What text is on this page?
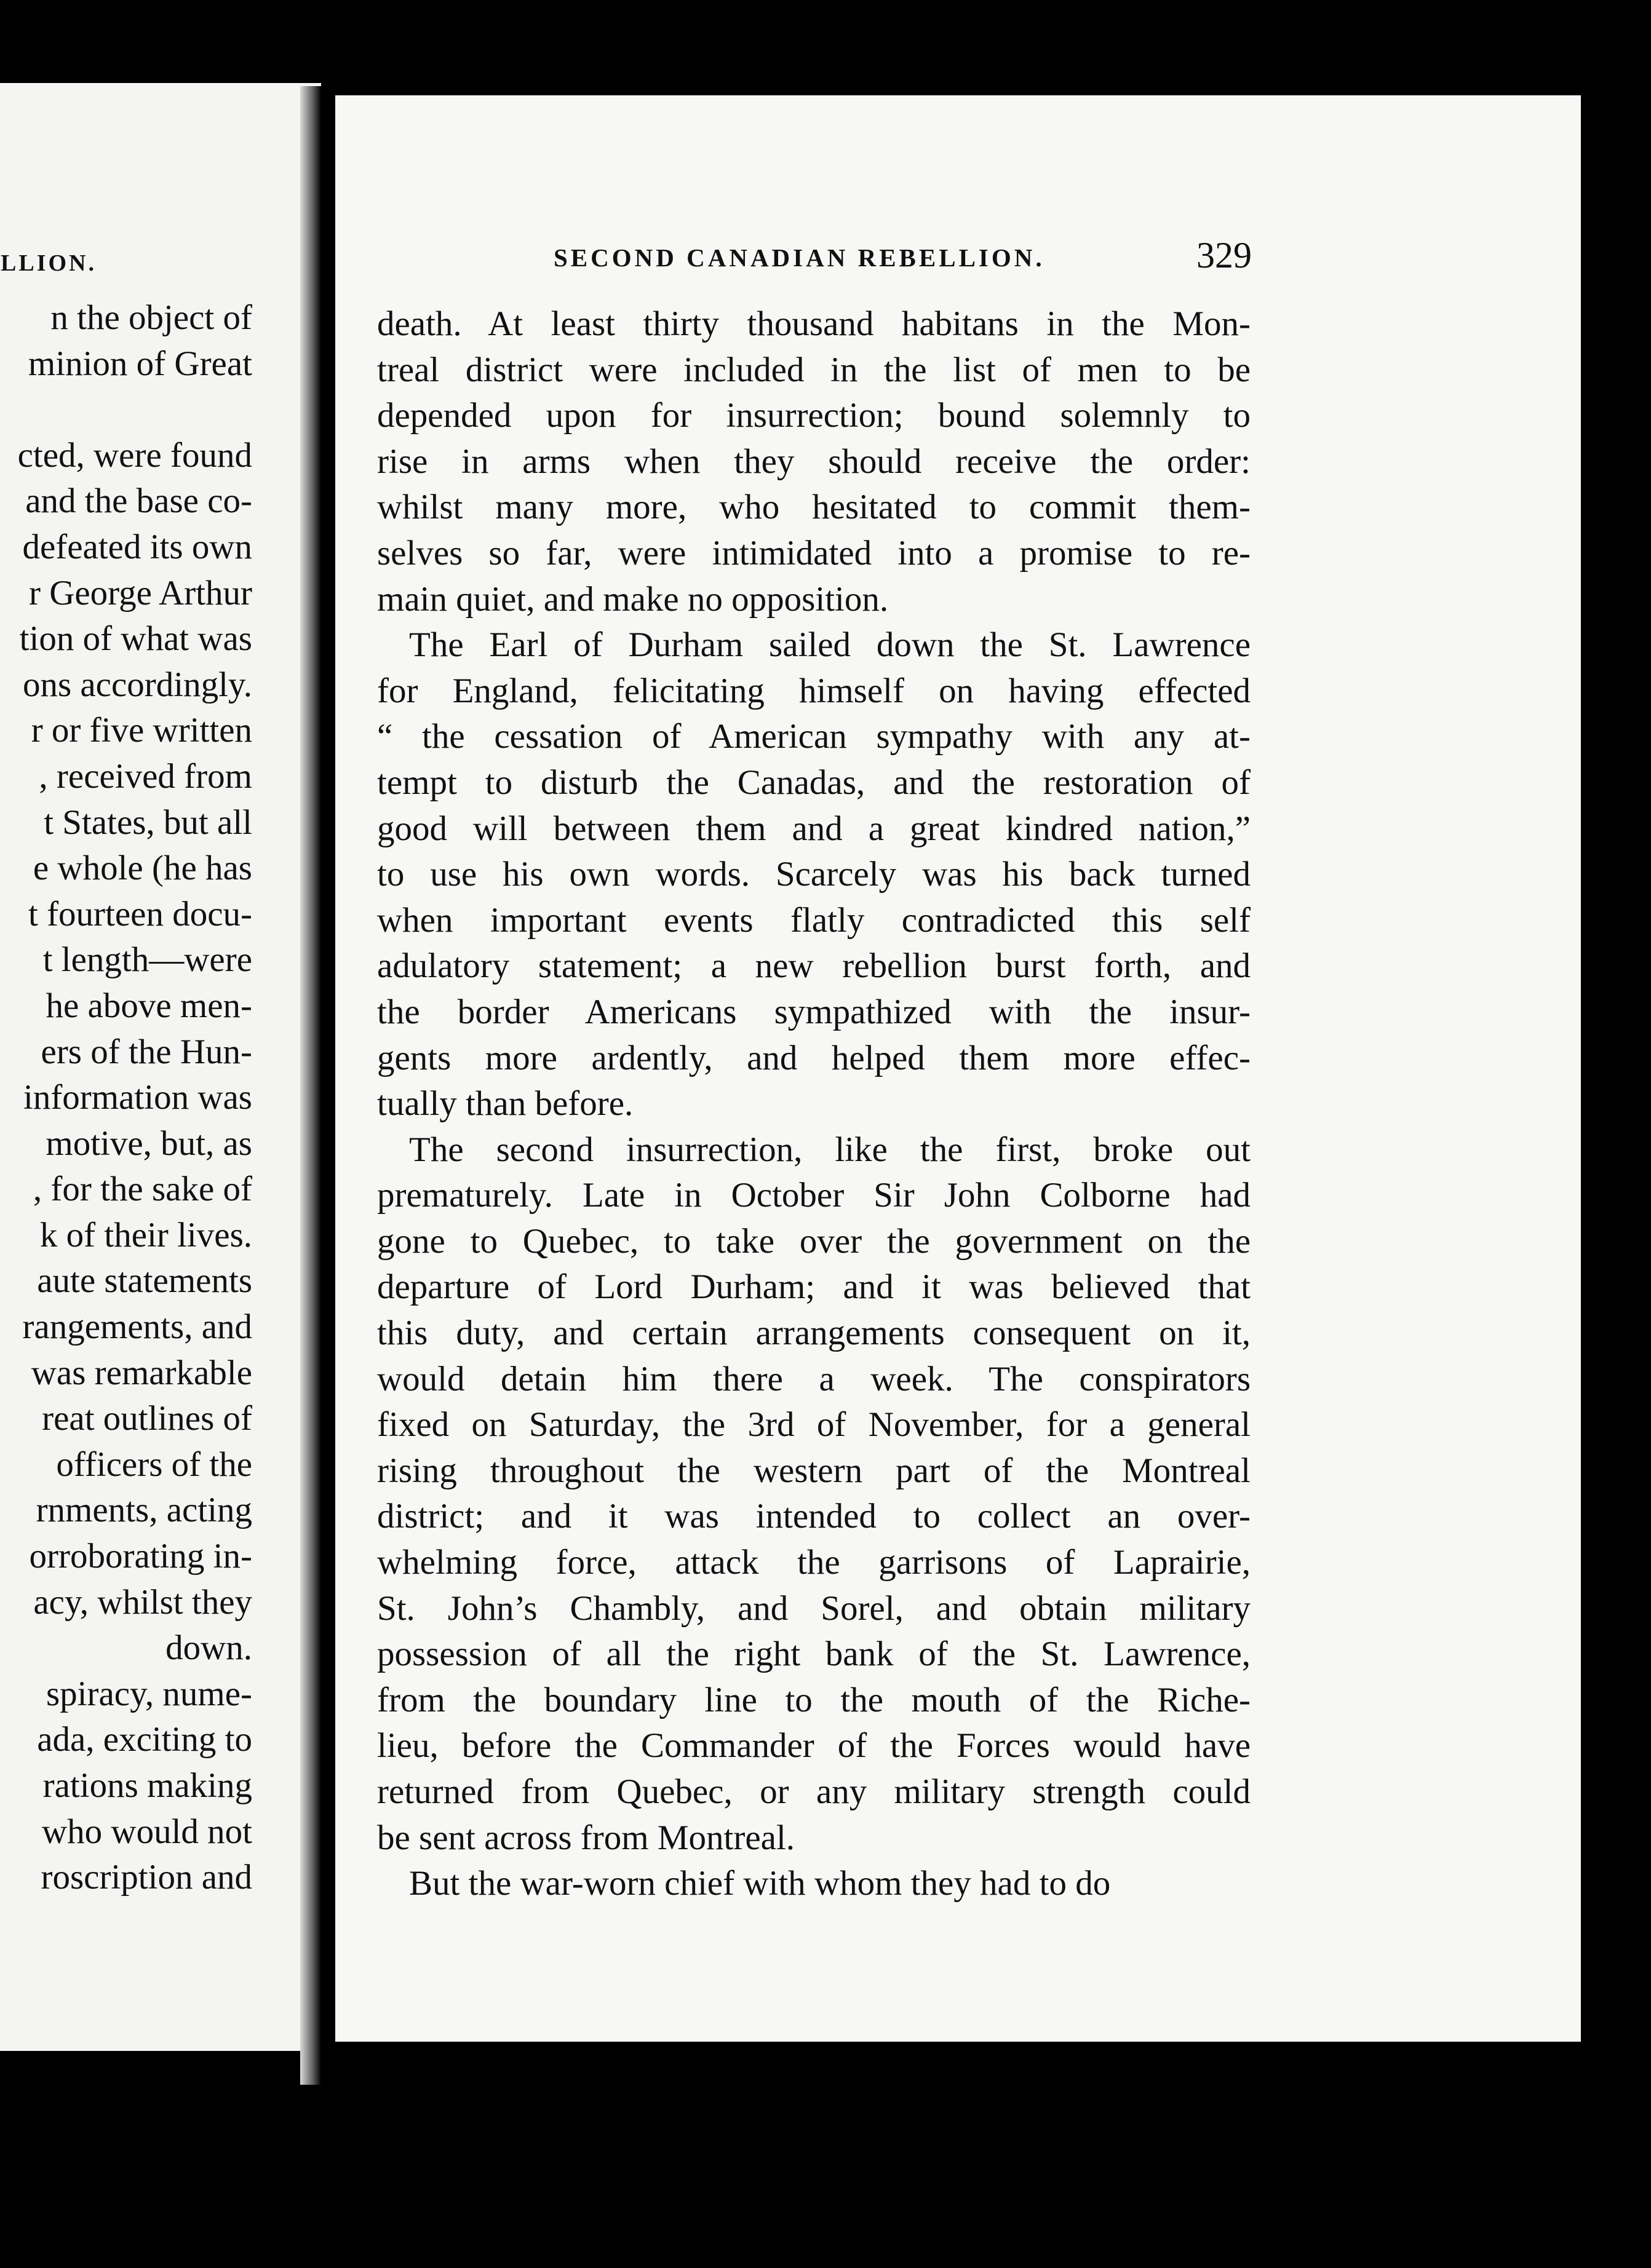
LLION.
n the object of
minion of Great
cted, were found
and the base co-
defeated its own
r George Arthur
tion of what was
ons accordingly.
r or five written
, received from
t States, but all
e whole (he has
t fourteen docu-
t length—were
he above men-
ers of the Hun-
information was
motive, but, as
, for the sake of
k of their lives.
aute statements
rangements, and
was remarkable
reat outlines of
officers of the
rnments, acting
orroborating in-
acy, whilst they
down.
spiracy, nume-
ada, exciting to
rations making
who would not
roscription and
SECOND CANADIAN REBELLION.	329
death. At least thirty thousand habitans in the Mon-
treal district were included in the list of men to be
depended upon for insurrection; bound solemnly to
rise in arms when they should receive the order:
whilst many more, who hesitated to commit them-
selves so far, were intimidated into a promise to re-
main quiet, and make no opposition.
The Earl of Durham sailed down the St. Lawrence
for England, felicitating himself on having effected
“ the cessation of American sympathy with any at-
tempt to disturb the Canadas, and the restoration of
good will between them and a great kindred nation,”
to use his own words. Scarcely was his back turned
when important events flatly contradicted this self
adulatory statement; a new rebellion burst forth, and
the border Americans sympathized with the insur-
gents more ardently, and helped them more effec-
tually than before.
The second insurrection, like the first, broke out
prematurely. Late in October Sir John Colborne had
gone to Quebec, to take over the government on the
departure of Lord Durham; and it was believed that
this duty, and certain arrangements consequent on it,
would detain him there a week. The conspirators
fixed on Saturday, the 3rd of November, for a general
rising throughout the western part of the Montreal
district; and it was intended to collect an over-
whelming force, attack the garrisons of Laprairie,
St. John’s Chambly, and Sorel, and obtain military
possession of all the right bank of the St. Lawrence,
from the boundary line to the mouth of the Riche-
lieu, before the Commander of the Forces would have
returned from Quebec, or any military strength could
be sent across from Montreal.
But the war-worn chief with whom they had to do
